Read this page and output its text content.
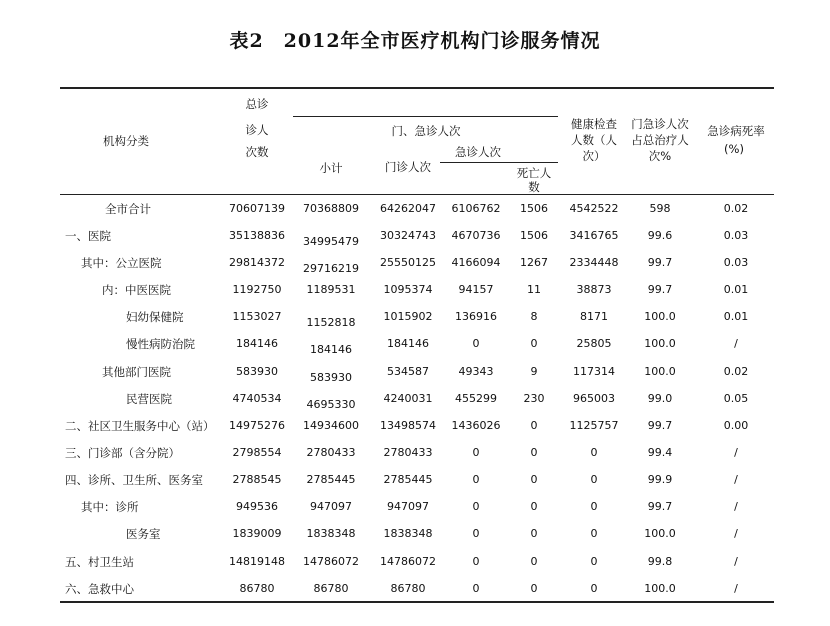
表2　2012年全市医疗机构门诊服务情况
机构分类
总诊
诊人
次数
门、急诊人次
小计	门诊人次
急诊人次
死亡人
数
健康检查
人数（人
次）
门急诊人次
占总治疗人
次%
急诊病死率
(%)
全市合计	70607139 70368809 64262047 6106762 1506 4542522	598	0.02
一、医院	35138836 34995479 30324743 4670736 1506 3416765	99.6	0.03
其中：公立医院	29814372 29716219 25550125 4166094 1267 2334448	99.7	0.03
内：中医医院	1192750 1189531	1095374 94157	11	38873	99.7	0.01
妇幼保健院	1153027 1152818	1015902 136916	8	8171	100.0	0.01
慢性病防治院	184146	184146	184146	0	0	25805	100.0	/
其他部门医院	583930	583930	534587	49343	9	117314	100.0	0.02
民营医院	4740534 4695330	4240031 455299 230	965003	99.0	0.05
二、社区卫生服务中心（站） 14975276 14934600 13498574 1436026	0	1125757	99.7	0.00
三、门诊部（含分院）	2798554 2780433	2780433	0	0	0	99.4	/
四、诊所、卫生所、医务室	2788545 2785445	2785445	0	0	0	99.9	/
其中：诊所	949536	947097	947097	0	0	0	99.7	/
医务室	1839009 1838348	1838348	0	0	0	100.0	/
五、村卫生站	14819148 14786072 14786072	0	0	0	99.8	/
六、急救中心	86780	86780	86780	0	0	0	100.0	/
